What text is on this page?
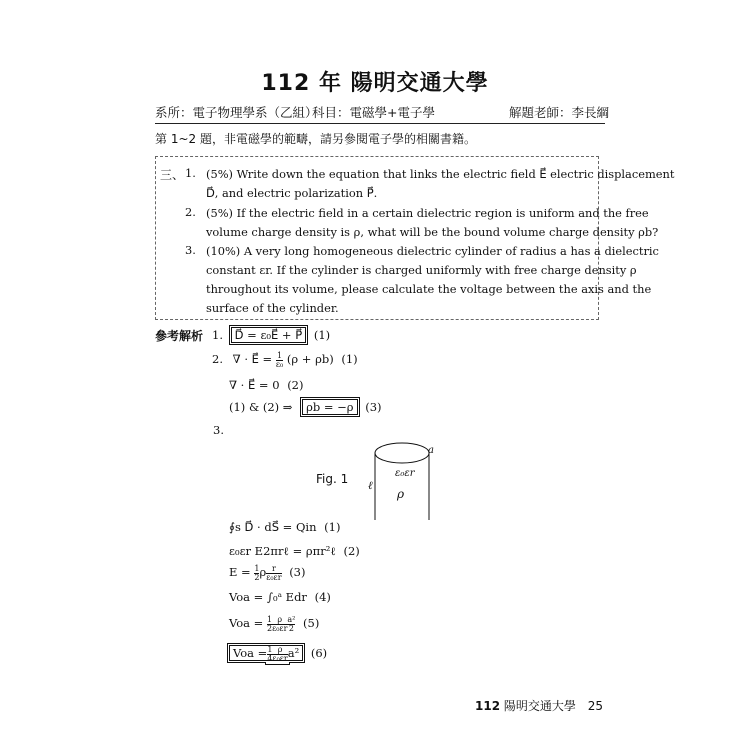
112 年 陽明交通大學
系所：電子物理學系（乙組）
科目：電磁學+電子學	解題老師：李長綱
第 1~2 題，非電磁學的範疇，請另參閱電子學的相關書籍。
三、 1. (5%) Write down the equation that links the electric field E⃗ electric displacement
D⃗, and electric polarization P⃗.
2. (5%) If the electric field in a certain dielectric region is uniform and the free
volume charge density is ρ, what will be the bound volume charge density ρb?
3. (10%) A very long homogeneous dielectric cylinder of radius a has a dielectric
constant εr. If the cylinder is charged uniformly with free charge density ρ
throughout its volume, please calculate the voltage between the axis and the
surface of the cylinder.
參考解析 1. D⃗ = ε₀E⃗ + P⃗ (1)
2. ∇ · E⃗ = $\frac{1}{\text{ε₀}} (\rho + \rho b)$ (1)
∇ · E⃗ = 0 (2)
(1) & (2) ⇒ ρb = −ρ (3)
3.
Fig. 1
a
ε₀εr
ρ
ℓ
∮s D⃗ · dS⃗ = Qin (1)
ε₀εr E2πrℓ = ρπr²ℓ (2)
$E = \frac{1}{2}$ ρ $\frac{r}{\text{ε₀εr}} (3)$
Voa = ∫₀ᵃ Edr (4)
Voa = $\frac{1}{2} \frac{\rho}{\text{ε₀εr}} \frac{\text{a²}}{2} (5)$
Voa = $\frac{1}{4} \frac{\rho}{\text{ε₀εr}} a^2$ (6)
112 陽明交通大學 25
